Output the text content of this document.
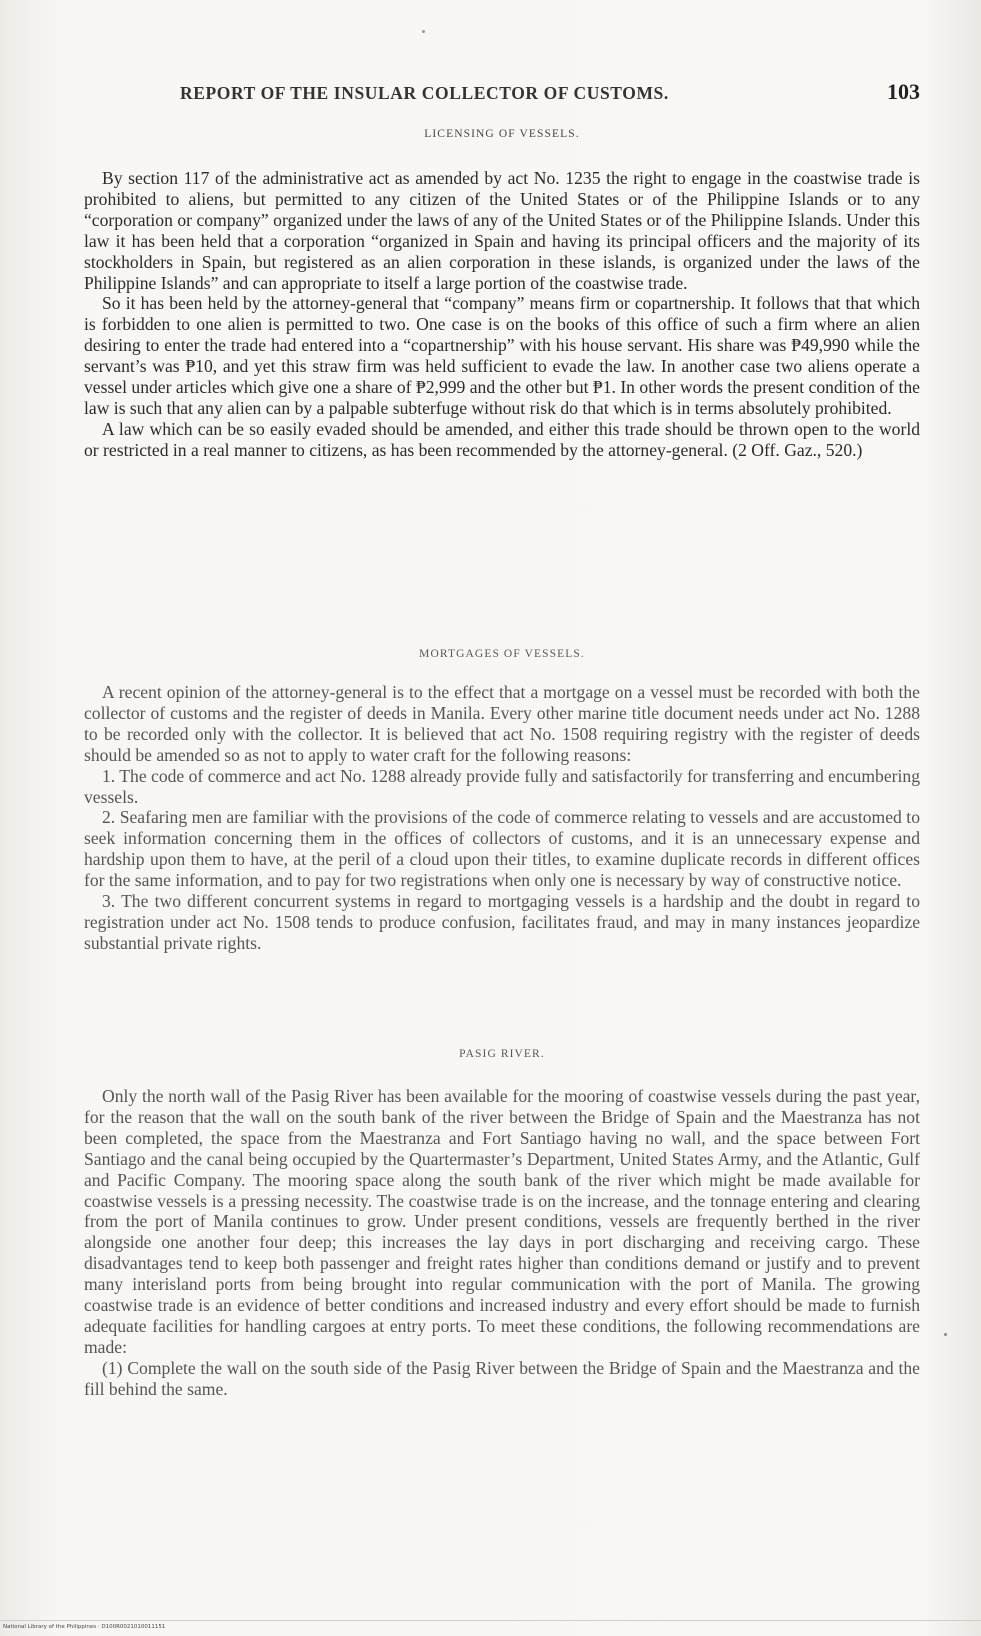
REPORT OF THE INSULAR COLLECTOR OF CUSTOMS.	103
LICENSING OF VESSELS.

By section 117 of the administrative act as amended by act No. 1235 the right to engage in the coastwise trade is prohibited to aliens, but permitted to any citizen of the United States or of the Philippine Islands or to any “corporation or company” organized under the laws of any of the United States or of the Philippine Islands. Under this law it has been held that a corporation “organized in Spain and having its principal officers and the majority of its stockholders in Spain, but registered as an alien corporation in these islands, is organized under the laws of the Philippine Islands” and can appropriate to itself a large portion of the coastwise trade.

So it has been held by the attorney-general that “company” means firm or copartnership. It follows that that which is forbidden to one alien is permitted to two. One case is on the books of this office of such a firm where an alien desiring to enter the trade had entered into a “copartnership” with his house servant. His share was ₱49,990 while the servant’s was ₱10, and yet this straw firm was held sufficient to evade the law. In another case two aliens operate a vessel under articles which give one a share of ₱2,999 and the other but ₱1. In other words the present condition of the law is such that any alien can by a palpable subterfuge without risk do that which is in terms absolutely prohibited.

A law which can be so easily evaded should be amended, and either this trade should be thrown open to the world or restricted in a real manner to citizens, as has been recommended by the attorney-general. (2 Off. Gaz., 520.)

MORTGAGES OF VESSELS.

A recent opinion of the attorney-general is to the effect that a mortgage on a vessel must be recorded with both the collector of customs and the register of deeds in Manila. Every other marine title document needs under act No. 1288 to be recorded only with the collector. It is believed that act No. 1508 requiring registry with the register of deeds should be amended so as not to apply to water craft for the following reasons:

1. The code of commerce and act No. 1288 already provide fully and satisfactorily for transferring and encumbering vessels.

2. Seafaring men are familiar with the provisions of the code of commerce relating to vessels and are accustomed to seek information concerning them in the offices of collectors of customs, and it is an unnecessary expense and hardship upon them to have, at the peril of a cloud upon their titles, to examine duplicate records in different offices for the same information, and to pay for two registrations when only one is necessary by way of constructive notice.

3. The two different concurrent systems in regard to mortgaging vessels is a hardship and the doubt in regard to registration under act No. 1508 tends to produce confusion, facilitates fraud, and may in many instances jeopardize substantial private rights.

PASIG RIVER.

Only the north wall of the Pasig River has been available for the mooring of coastwise vessels during the past year, for the reason that the wall on the south bank of the river between the Bridge of Spain and the Maestranza has not been completed, the space from the Maestranza and Fort Santiago having no wall, and the space between Fort Santiago and the canal being occupied by the Quartermaster’s Department, United States Army, and the Atlantic, Gulf and Pacific Company. The mooring space along the south bank of the river which might be made available for coastwise vessels is a pressing necessity. The coastwise trade is on the increase, and the tonnage entering and clearing from the port of Manila continues to grow. Under present conditions, vessels are frequently berthed in the river alongside one another four deep; this increases the lay days in port discharging and receiving cargo. These disadvantages tend to keep both passenger and freight rates higher than conditions demand or justify and to prevent many interisland ports from being brought into regular communication with the port of Manila. The growing coastwise trade is an evidence of better conditions and increased industry and every effort should be made to furnish adequate facilities for handling cargoes at entry ports. To meet these conditions, the following recommendations are made:

(1) Complete the wall on the south side of the Pasig River between the Bridge of Spain and the Maestranza and the fill behind the same.

National Library of the Philippines · D100R0021010011151
